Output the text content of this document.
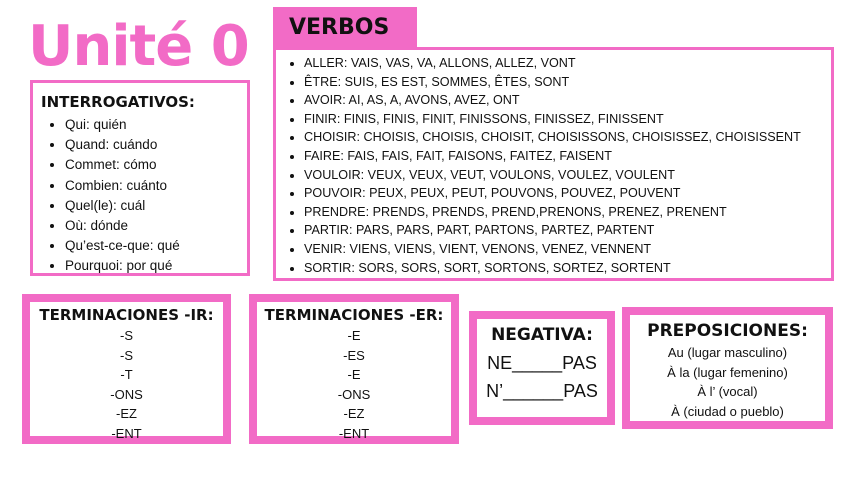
Unité 0
INTERROGATIVOS:
• Qui: quién
• Quand: cuándo
• Commet: cómo
• Combien: cuánto
• Quel(le): cuál
• Où: dónde
• Qu’est-ce-que: qué
• Pourquoi: por qué
VERBOS
• ALLER: VAIS, VAS, VA, ALLONS, ALLEZ, VONT
• ÊTRE: SUIS, ES EST, SOMMES, ÊTES, SONT
• AVOIR: AI, AS, A, AVONS, AVEZ, ONT
• FINIR: FINIS, FINIS, FINIT, FINISSONS, FINISSEZ, FINISSENT
• CHOISIR: CHOISIS, CHOISIS, CHOISIT, CHOISISSONS, CHOISISSEZ, CHOISISSENT
• FAIRE: FAIS, FAIS, FAIT, FAISONS, FAITEZ, FAISENT
• VOULOIR: VEUX, VEUX, VEUT, VOULONS, VOULEZ, VOULENT
• POUVOIR: PEUX, PEUX, PEUT, POUVONS, POUVEZ, POUVENT
• PRENDRE: PRENDS, PRENDS, PREND,PRENONS, PRENEZ, PRENENT
• PARTIR: PARS, PARS, PART, PARTONS, PARTEZ, PARTENT
• VENIR: VIENS, VIENS, VIENT, VENONS, VENEZ, VENNENT
• SORTIR: SORS, SORS, SORT, SORTONS, SORTEZ, SORTENT
TERMINACIONES -IR:
-S
-S
-T
-ONS
-EZ
-ENT
TERMINACIONES -ER:
-E
-ES
-E
-ONS
-EZ
-ENT
NEGATIVA:
NE_____PAS
N’______PAS
PREPOSICIONES:
Au (lugar masculino)
À la (lugar femenino)
À l’ (vocal)
À (ciudad o pueblo)
